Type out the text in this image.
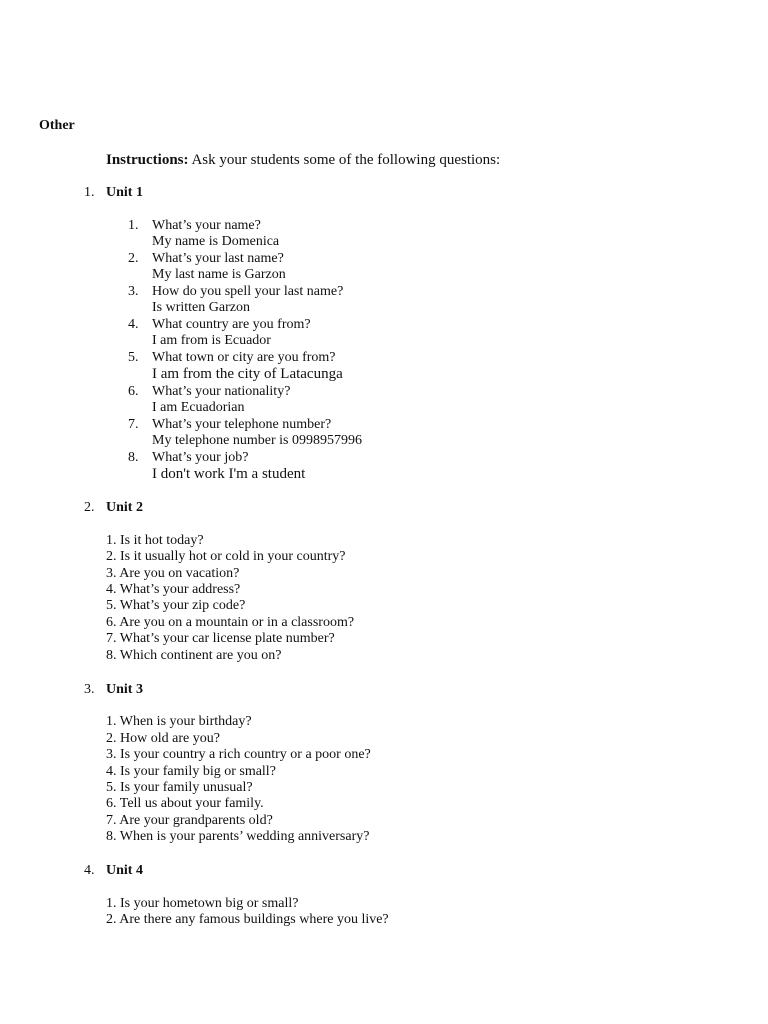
Other
Instructions: Ask your students some of the following questions:
1. Unit 1
1. What’s your name?
My name is Domenica
2. What’s your last name?
My last name is Garzon
3. How do you spell your last name?
Is written Garzon
4. What country are you from?
I am from is Ecuador
5. What town or city are you from?
I am from the city of Latacunga
6. What’s your nationality?
I am Ecuadorian
7. What’s your telephone number?
My telephone number is 0998957996
8. What’s your job?
I don't work I'm a student
2. Unit 2
1. Is it hot today?
2. Is it usually hot or cold in your country?
3. Are you on vacation?
4. What’s your address?
5. What’s your zip code?
6. Are you on a mountain or in a classroom?
7. What’s your car license plate number?
8. Which continent are you on?
3. Unit 3
1. When is your birthday?
2. How old are you?
3. Is your country a rich country or a poor one?
4. Is your family big or small?
5. Is your family unusual?
6. Tell us about your family.
7. Are your grandparents old?
8. When is your parents’ wedding anniversary?
4. Unit 4
1. Is your hometown big or small?
2. Are there any famous buildings where you live?
